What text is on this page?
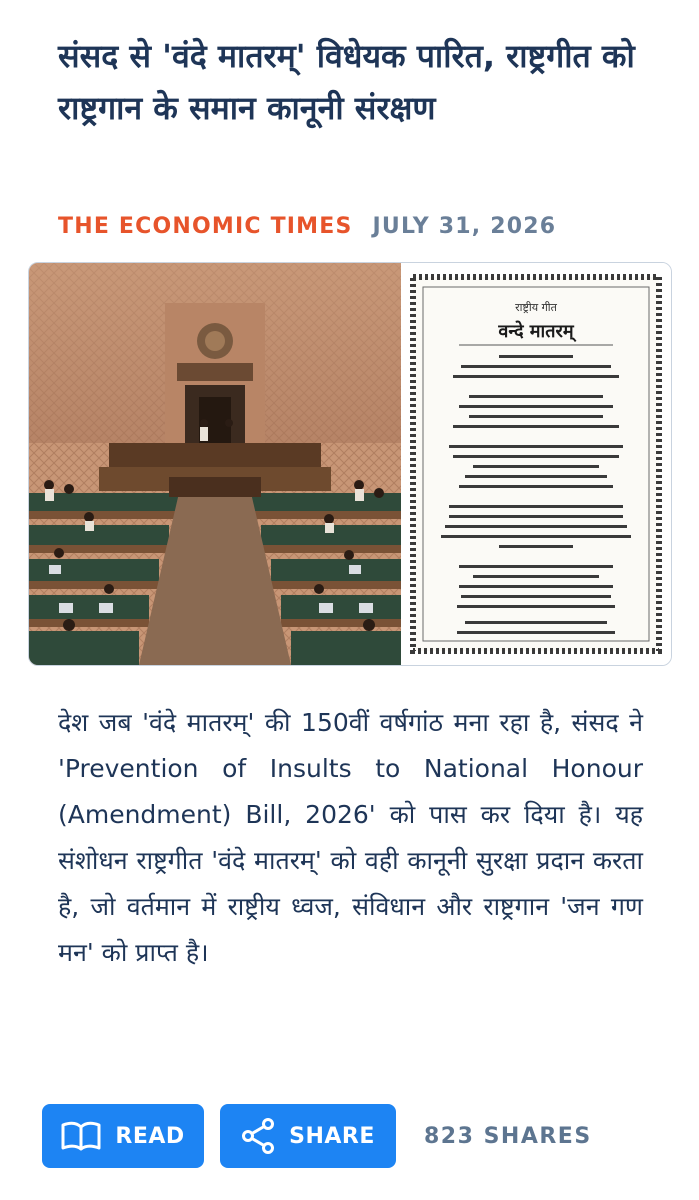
संसद से 'वंदे मातरम्' विधेयक पारित, राष्ट्रगीत को राष्ट्रगान के समान कानूनी संरक्षण
THE ECONOMIC TIMES JULY 31, 2026
राष्ट्रीय गीत
वन्दे मातरम्

देश जब 'वंदे मातरम्' की 150वीं वर्षगांठ मना रहा है, संसद ने 'Prevention of Insults to National Honour (Amendment) Bill, 2026' को पास कर दिया है। यह संशोधन राष्ट्रगीत 'वंदे मातरम्' को वही कानूनी सुरक्षा प्रदान करता है, जो वर्तमान में राष्ट्रीय ध्वज, संविधान और राष्ट्रगान 'जन गण मन' को प्राप्त है।

READ	SHARE 823 SHARES
